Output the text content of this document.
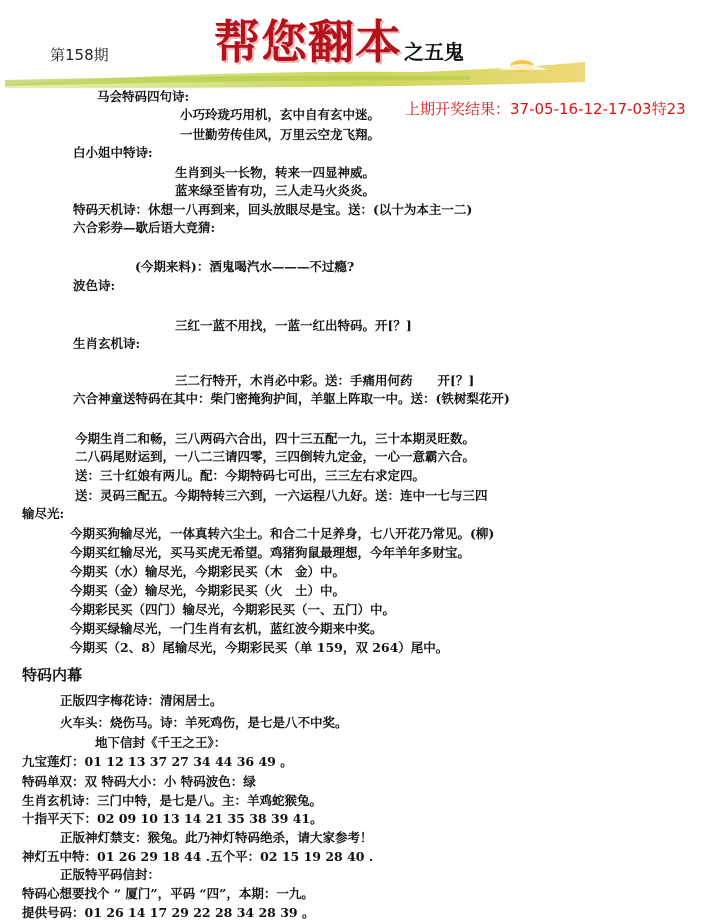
第158期 帮您翻本 之五鬼
上期开奖结果：37-05-16-12-17-03特23
马会特码四句诗:
小巧玲珑巧用机，玄中自有玄中迷。
一世勤劳传佳风，万里云空龙飞翔。
白小姐中特诗:
生肖到头一长物，转来一四显神威。
蓝来绿至皆有功，三人走马火炎炎。
特码天机诗：休想一八再到来，回头放眼尽是宝。送：(以十为本主一二)
六合彩券—歇后语大竞猜:
(今期来料)：酒鬼喝汽水———不过瘾?
波色诗:
三红一蓝不用找，一蓝一红出特码。开[？]
生肖玄机诗:
三二行特开，木肖必中彩。送：手痛用何药　　开[？]
六合神童送特码在其中：柴门密掩狗护间，羊躯上阵取一中。送：(铁树梨花开)
今期生肖二和畅，三八两码六合出，四十三五配一九，三十本期灵旺数。
二八码尾财运到，一八二三请四零，三四倒转九定金，一心一意霸六合。
送：三十红娘有两儿。配：今期特码七可出，三三左右求定四。
送：灵码三配五。今期特转三六到，一六运程八九好。送：连中一七与三四
输尽光:
今期买狗输尽光，一体真转六尘土。和合二十足养身，七八开花乃常见。(柳)
今期买红输尽光，买马买虎无希望。鸡猪狗鼠最理想，今年羊年多财宝。
今期买（水）输尽光，今期彩民买（木　金）中。
今期买（金）输尽光，今期彩民买（火　土）中。
今期彩民买（四门）输尽光，今期彩民买（一、五门）中。
今期买绿输尽光，一门生肖有玄机，蓝红波今期来中奖。
今期买（2、8）尾输尽光，今期彩民买（单 159，双 264）尾中。
特码内幕
正版四字梅花诗：清闲居士。
火车头：烧伤马。诗：羊死鸡伤，是七是八不中奖。
地下信封《千王之王》：
九宝莲灯：01 12 13 37 27 34 44 36 49 。
特码单双：双 特码大小：小 特码波色：绿
生肖玄机诗：三门中特，是七是八。主：羊鸡蛇猴兔。
十指平天下：02 09 10 13 14 21 35 38 39 41。
正版神灯禁支：猴兔。此乃神灯特码绝杀，请大家参考！
神灯五中特：01 26 29 18 44 .五个平：02 15 19 28 40 .
正版特平码信封：
特码心想要找个 “ 厦门”，平码 “四”，本期：一九。
提供号码：01 26 14 17 29 22 28 34 28 39 。
